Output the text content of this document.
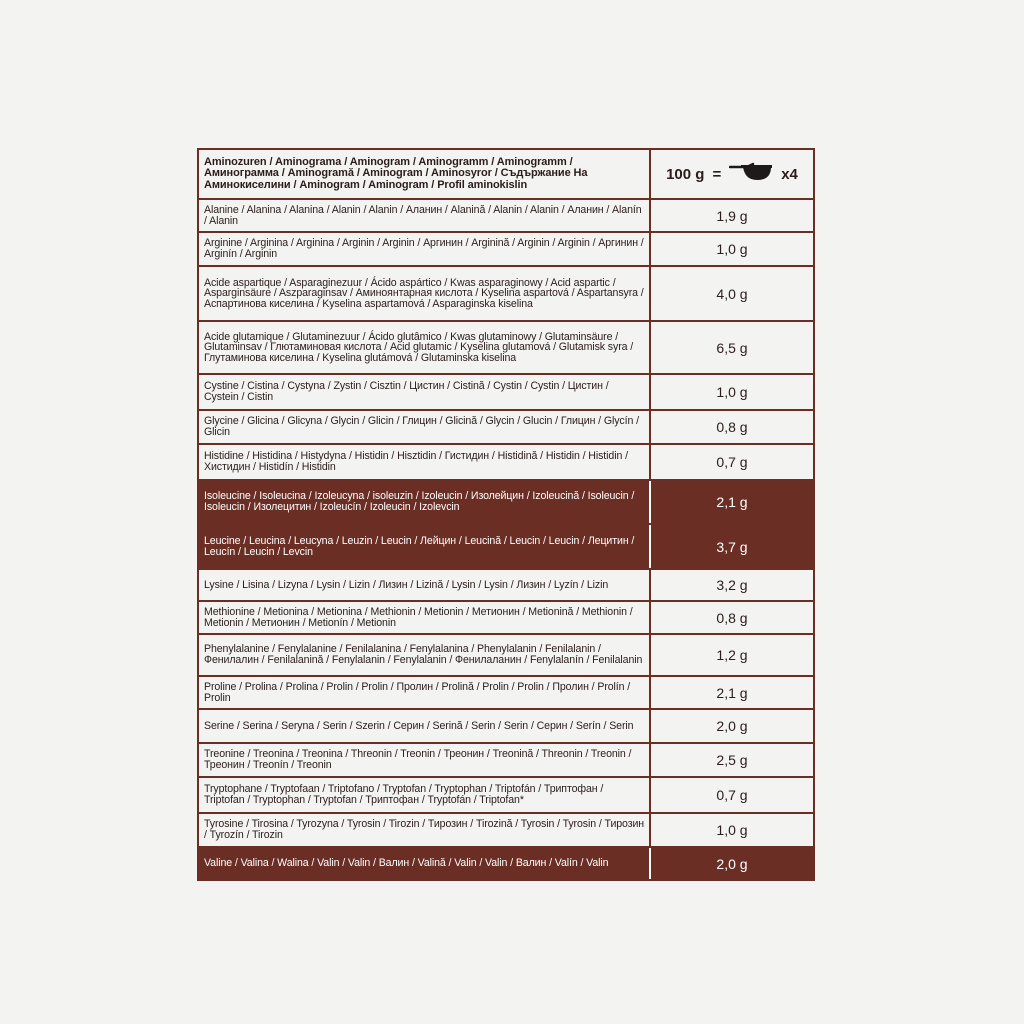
Aminozuren / Aminograma / Aminogram / Aminogramm / Aminogramm / Аминограмма / Aminogramă / Aminogram / Aminosyror / Съдържание На Аминокиселини / Aminogram / Aminogram / Profil aminokislin	100 g = x4

Alanine / Alanina / Alanina / Alanin / Alanin / Аланин / Alanină / Alanin / Alanin / Аланин / Alanín / Alanin	1,9 g
Arginine / Arginina / Arginina / Arginin / Arginin / Аргинин / Arginină / Arginin / Arginin / Аргинин / Arginín / Arginin	1,0 g
Acide aspartique / Asparaginezuur / Ácido aspártico / Kwas asparaginowy / Acid aspartic / Asparginsäure / Aszparaginsav / Аминоянтарная кислота / Kyselina aspartová / Aspartansyra / Аспартинова киселина / Kyselina aspartamová / Asparaginska kiselina	4,0 g
Acide glutamique / Glutaminezuur / Ácido glutâmico / Kwas glutaminowy / Glutaminsäure / Glutaminsav / Глютаминовая кислота / Acid glutamic / Kyselina glutamová / Glutamisk syra / Глутаминова киселина / Kyselina glutámová / Glutaminska kiselina	6,5 g
Cystine / Cistina / Cystyna / Zystin / Cisztin / Цистин / Cistină / Cystin / Cystin / Цистин / Cystein / Cistin	1,0 g
Glycine / Glicina / Glicyna / Glycin / Glicin / Глицин / Glicină / Glycin / Glucin / Глицин / Glycín / Glicin	0,8 g
Histidine / Histidina / Histydyna / Histidin / Hisztidin / Гистидин / Histidină / Histidin / Histidin / Хистидин / Histidín / Histidin	0,7 g
Isoleucine / Isoleucina / Izoleucyna / isoleuzin / Izoleucin / Изолейцин / Izoleucină / Isoleucin / Isoleucin / Изолецитин / Izoleucín / Izoleucin / Izolevcin	2,1 g
Leucine / Leucina / Leucyna / Leuzin / Leucin / Лейцин / Leucină / Leucin / Leucin / Лецитин / Leucín / Leucin / Levcin	3,7 g
Lysine / Lisina / Lizyna / Lysin / Lizin / Лизин / Lizină / Lysin / Lysin / Лизин / Lyzín / Lizin	3,2 g
Methionine / Metionina / Metionina / Methionin / Metionin / Метионин / Metionină / Methionin / Metionin / Метионин / Metionín / Metionin	0,8 g
Phenylalanine / Fenylalanine / Fenilalanina / Fenylalanina / Phenylalanin / Fenilalanin / Фенилалин / Fenilalanină / Fenylalanin / Fenylalanin / Фенилаланин / Fenylalanín / Fenilalanin	1,2 g
Proline / Prolina / Prolina / Prolin / Prolin / Пролин / Prolină / Prolin / Prolin / Пролин / Prolín / Prolin	2,1 g
Serine / Serina / Seryna / Serin / Szerin / Серин / Serină / Serin / Serin / Серин / Serín / Serin	2,0 g
Treonine / Treonina / Treonina / Threonin / Treonin / Треонин / Treonină / Threonin / Treonin / Треонин / Treonín / Treonin	2,5 g
Tryptophane / Tryptofaan / Triptofano / Tryptofan / Tryptophan / Triptofán / Триптофан / Triptofan / Tryptophan / Tryptofan / Триптофан / Tryptofán / Triptofan*	0,7 g
Tyrosine / Tirosina / Tyrozyna / Tyrosin / Tirozin / Тирозин / Tirozină / Tyrosin / Tyrosin / Тирозин / Tyrozín / Tirozin	1,0 g
Valine / Valina / Walina / Valin / Valin / Валин / Valină / Valin / Valin / Валин / Valín / Valin	2,0 g
